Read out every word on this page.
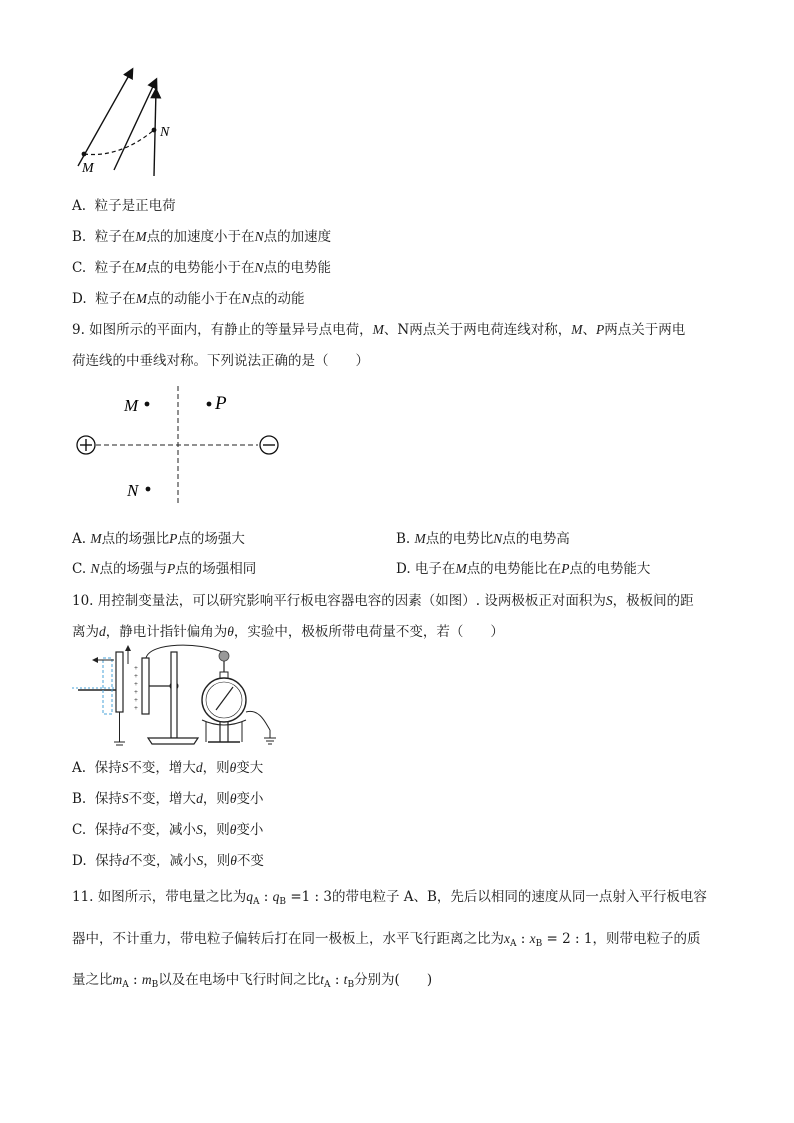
M
N
A. 粒子是正电荷
B. 粒子在M点的加速度小于在N点的加速度
C. 粒子在M点的电势能小于在N点的电势能
D. 粒子在M点的动能小于在N点的动能
9. 如图所示的平面内，有静止的等量异号点电荷，M、N两点关于两电荷连线对称，M、P两点关于两电
荷连线的中垂线对称。下列说法正确的是（　　）
M	P
N
A. M点的场强比P点的场强大	B. M点的电势比N点的电势高
C. N点的场强与P点的场强相同	D. 电子在M点的电势能比在P点的电势能大
10. 用控制变量法，可以研究影响平行板电容器电容的因素（如图）. 设两极板正对面积为S，极板间的距
离为d，静电计指针偏角为θ，实验中，极板所带电荷量不变，若（　　）
+
+
+
+
+
+
A. 保持S不变，增大d，则θ变大
B. 保持S不变，增大d，则θ变小
C. 保持d不变，减小S，则θ变小
D. 保持d不变，减小S，则θ不变
11. 如图所示，带电量之比为$q_A$ : $q_B =1$ : 3的带电粒子 A、B，先后以相同的速度从同一点射入平行板电容
器中，不计重力，带电粒子偏转后打在同一极板上，水平飞行距离之比为$x_A$ : $x_B = 2$ : 1，则带电粒子的质
量之比$m_A$ : $m_B$以及在电场中飞行时间之比$t_A$ : $t_B$分别为(　　)
